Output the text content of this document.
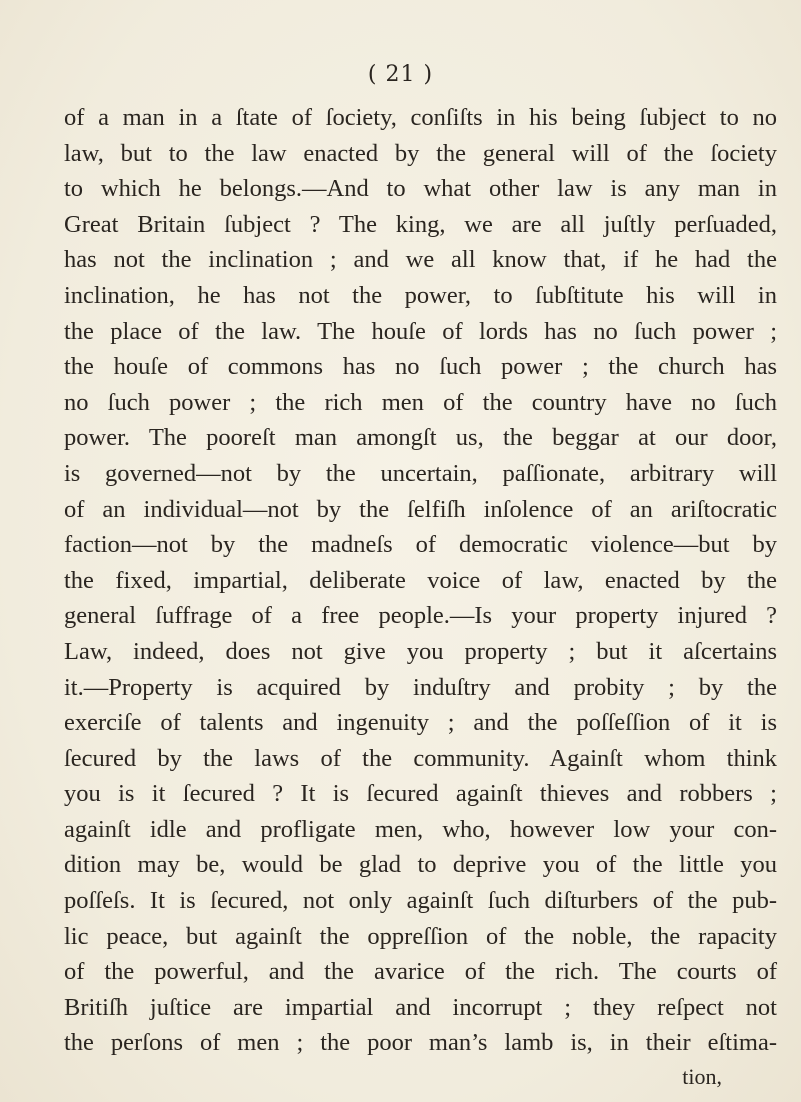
( 21 )
of a man in a ſtate of ſociety, conſiſts in his being ſubject to no
law, but to the law enacted by the general will of the ſociety
to which he belongs.—And to what other law is any man in
Great Britain ſubject ? The king, we are all juſtly perſuaded,
has not the inclination ; and we all know that, if he had the
inclination, he has not the power, to ſubſtitute his will in
the place of the law. The houſe of lords has no ſuch power ;
the houſe of commons has no ſuch power ; the church has
no ſuch power ; the rich men of the country have no ſuch
power. The pooreſt man amongſt us, the beggar at our door,
is governed—not by the uncertain, paſſionate, arbitrary will
of an individual—not by the ſelfiſh inſolence of an ariſtocratic
faction—not by the madneſs of democratic violence—but by
the fixed, impartial, deliberate voice of law, enacted by the
general ſuffrage of a free people.—Is your property injured ?
Law, indeed, does not give you property ; but it aſcertains
it.—Property is acquired by induſtry and probity ; by the
exerciſe of talents and ingenuity ; and the poſſeſſion of it is
ſecured by the laws of the community. Againſt whom think
you is it ſecured ? It is ſecured againſt thieves and robbers ;
againſt idle and profligate men, who, however low your con-
dition may be, would be glad to deprive you of the little you
poſſeſs. It is ſecured, not only againſt ſuch diſturbers of the pub-
lic peace, but againſt the oppreſſion of the noble, the rapacity
of the powerful, and the avarice of the rich. The courts of
Britiſh juſtice are impartial and incorrupt ; they reſpect not
the perſons of men ; the poor man’s lamb is, in their eſtima-
tion,
